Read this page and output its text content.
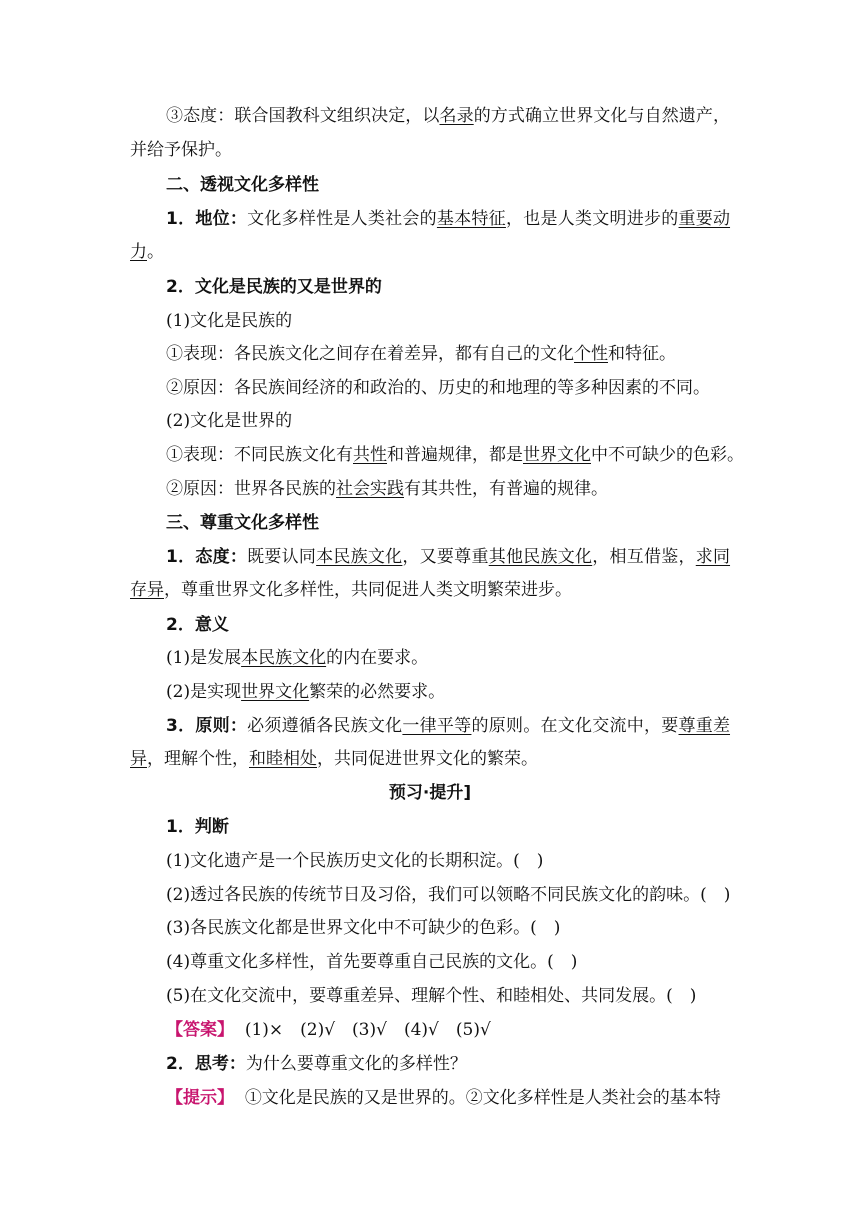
③态度：联合国教科文组织决定，以名录的方式确立世界文化与自然遗产，
并给予保护。
二、透视文化多样性
1．地位：文化多样性是人类社会的基本特征，也是人类文明进步的重要动
力。
2．文化是民族的又是世界的
(1)文化是民族的
①表现：各民族文化之间存在着差异，都有自己的文化个性和特征。
②原因：各民族间经济的和政治的、历史的和地理的等多种因素的不同。
(2)文化是世界的
①表现：不同民族文化有共性和普遍规律，都是世界文化中不可缺少的色彩。
②原因：世界各民族的社会实践有其共性，有普遍的规律。
三、尊重文化多样性
1．态度：既要认同本民族文化，又要尊重其他民族文化，相互借鉴，求同
存异，尊重世界文化多样性，共同促进人类文明繁荣进步。
2．意义
(1)是发展本民族文化的内在要求。
(2)是实现世界文化繁荣的必然要求。
3．原则：必须遵循各民族文化一律平等的原则。在文化交流中，要尊重差
异，理解个性，和睦相处，共同促进世界文化的繁荣。
预习·提升]
1．判断
(1)文化遗产是一个民族历史文化的长期积淀。(　)
(2)透过各民族的传统节日及习俗，我们可以领略不同民族文化的韵味。(　)
(3)各民族文化都是世界文化中不可缺少的色彩。(　)
(4)尊重文化多样性，首先要尊重自己民族的文化。(　)
(5)在文化交流中，要尊重差异、理解个性、和睦相处、共同发展。(　)
【答案】 (1)×　(2)√　(3)√　(4)√　(5)√
2．思考：为什么要尊重文化的多样性？
【提示】 ①文化是民族的又是世界的。②文化多样性是人类社会的基本特
